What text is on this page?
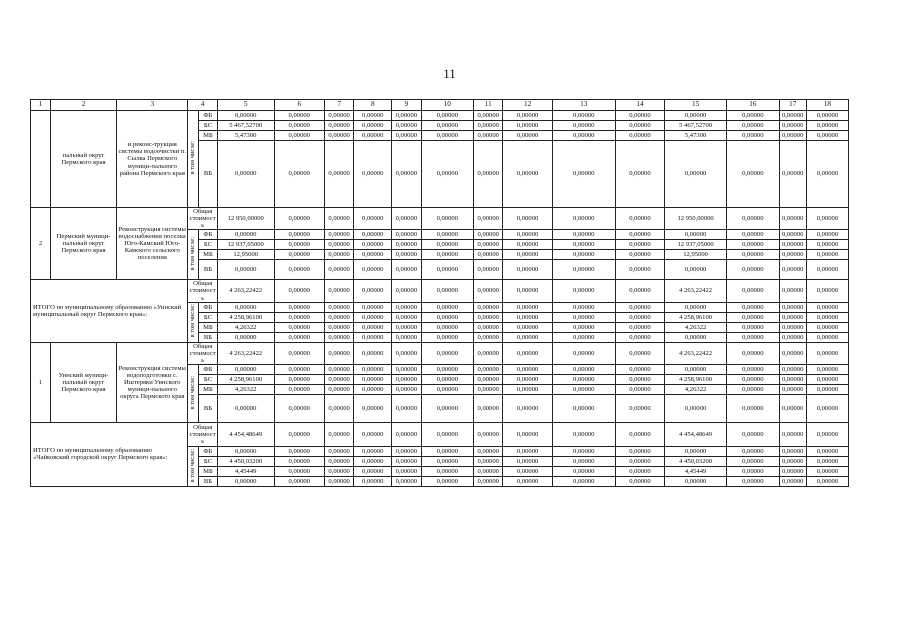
11
1	2	3	4		5	6	7	8	9	10	11	12	13	14	15	16	17	18
	пальный округ Пермского края	и реконс-трукция системы водоочистки п. Сылва Пермского муници-пального района Пермского края	в том числе:	ФБ	0,00000	0,00000	0,00000	0,00000	0,00000	0,00000	0,00000	0,00000	0,00000	0,00000	0,00000	0,00000	0,00000	0,00000
				БС	5 467,52700	0,00000	0,00000	0,00000	0,00000	0,00000	0,00000	0,00000	0,00000	0,00000	5 467,52700	0,00000	0,00000	0,00000
				МБ	5,47300	0,00000	0,00000	0,00000	0,00000	0,00000	0,00000	0,00000	0,00000	0,00000	5,47300	0,00000	0,00000	0,00000
				ВБ	0,00000	0,00000	0,00000	0,00000	0,00000	0,00000	0,00000	0,00000	0,00000	0,00000	0,00000	0,00000	0,00000	0,00000
2	Пермский муници-пальный округ Пермского края	Реконструкция системы водоснабжения поселка Юго-Камский Юго-Камского сельского поселения	Общая стоимость		12 950,00000	0,00000	0,00000	0,00000	0,00000	0,00000	0,00000	0,00000	0,00000	0,00000	12 950,00000	0,00000	0,00000	0,00000
			в том числе:	ФБ	0,00000	0,00000	0,00000	0,00000	0,00000	0,00000	0,00000	0,00000	0,00000	0,00000	0,00000	0,00000	0,00000	0,00000
				БС	12 937,05000	0,00000	0,00000	0,00000	0,00000	0,00000	0,00000	0,00000	0,00000	0,00000	12 937,05000	0,00000	0,00000	0,00000
				МБ	12,95000	0,00000	0,00000	0,00000	0,00000	0,00000	0,00000	0,00000	0,00000	0,00000	12,95000	0,00000	0,00000	0,00000
				ВБ	0,00000	0,00000	0,00000	0,00000	0,00000	0,00000	0,00000	0,00000	0,00000	0,00000	0,00000	0,00000	0,00000	0,00000
ИТОГО по муниципальному образованию «Уинский муниципальный округ Пермского края»:			Общая стоимость		4 263,22422	0,00000	0,00000	0,00000	0,00000	0,00000	0,00000	0,00000	0,00000	0,00000	4 263,22422	0,00000	0,00000	0,00000
			в том числе:	ФБ	0,00000	0,00000	0,00000	0,00000	0,00000	0,00000	0,00000	0,00000	0,00000	0,00000	0,00000	0,00000	0,00000	0,00000
				БС	4 258,96100	0,00000	0,00000	0,00000	0,00000	0,00000	0,00000	0,00000	0,00000	0,00000	4 258,96100	0,00000	0,00000	0,00000
				МБ	4,26322	0,00000	0,00000	0,00000	0,00000	0,00000	0,00000	0,00000	0,00000	0,00000	4,26322	0,00000	0,00000	0,00000
				ВБ	0,00000	0,00000	0,00000	0,00000	0,00000	0,00000	0,00000	0,00000	0,00000	0,00000	0,00000	0,00000	0,00000	0,00000
1	Уинский муници-пальный округ Пермского края	Реконструкция системы водоподготовки с. Иштеряки Уинского муници-пального округа Пермского края	Общая стоимость		4 263,22422	0,00000	0,00000	0,00000	0,00000	0,00000	0,00000	0,00000	0,00000	0,00000	4 263,22422	0,00000	0,00000	0,00000
			в том числе:	ФБ	0,00000	0,00000	0,00000	0,00000	0,00000	0,00000	0,00000	0,00000	0,00000	0,00000	0,00000	0,00000	0,00000	0,00000
				БС	4 258,96100	0,00000	0,00000	0,00000	0,00000	0,00000	0,00000	0,00000	0,00000	0,00000	4 258,96100	0,00000	0,00000	0,00000
				МБ	4,26322	0,00000	0,00000	0,00000	0,00000	0,00000	0,00000	0,00000	0,00000	0,00000	4,26322	0,00000	0,00000	0,00000
				ВБ	0,00000	0,00000	0,00000	0,00000	0,00000	0,00000	0,00000	0,00000	0,00000	0,00000	0,00000	0,00000	0,00000	0,00000
ИТОГО по муниципальному образованию «Чайковский городской округ Пермского края»:			Общая стоимость		4 454,48649	0,00000	0,00000	0,00000	0,00000	0,00000	0,00000	0,00000	0,00000	0,00000	4 454,48649	0,00000	0,00000	0,00000
			в том числе:	ФБ	0,00000	0,00000	0,00000	0,00000	0,00000	0,00000	0,00000	0,00000	0,00000	0,00000	0,00000	0,00000	0,00000	0,00000
				БС	4 450,03200	0,00000	0,00000	0,00000	0,00000	0,00000	0,00000	0,00000	0,00000	0,00000	4 450,03200	0,00000	0,00000	0,00000
				МБ	4,45449	0,00000	0,00000	0,00000	0,00000	0,00000	0,00000	0,00000	0,00000	0,00000	4,45449	0,00000	0,00000	0,00000
				ВБ	0,00000	0,00000	0,00000	0,00000	0,00000	0,00000	0,00000	0,00000	0,00000	0,00000	0,00000	0,00000	0,00000	0,00000
